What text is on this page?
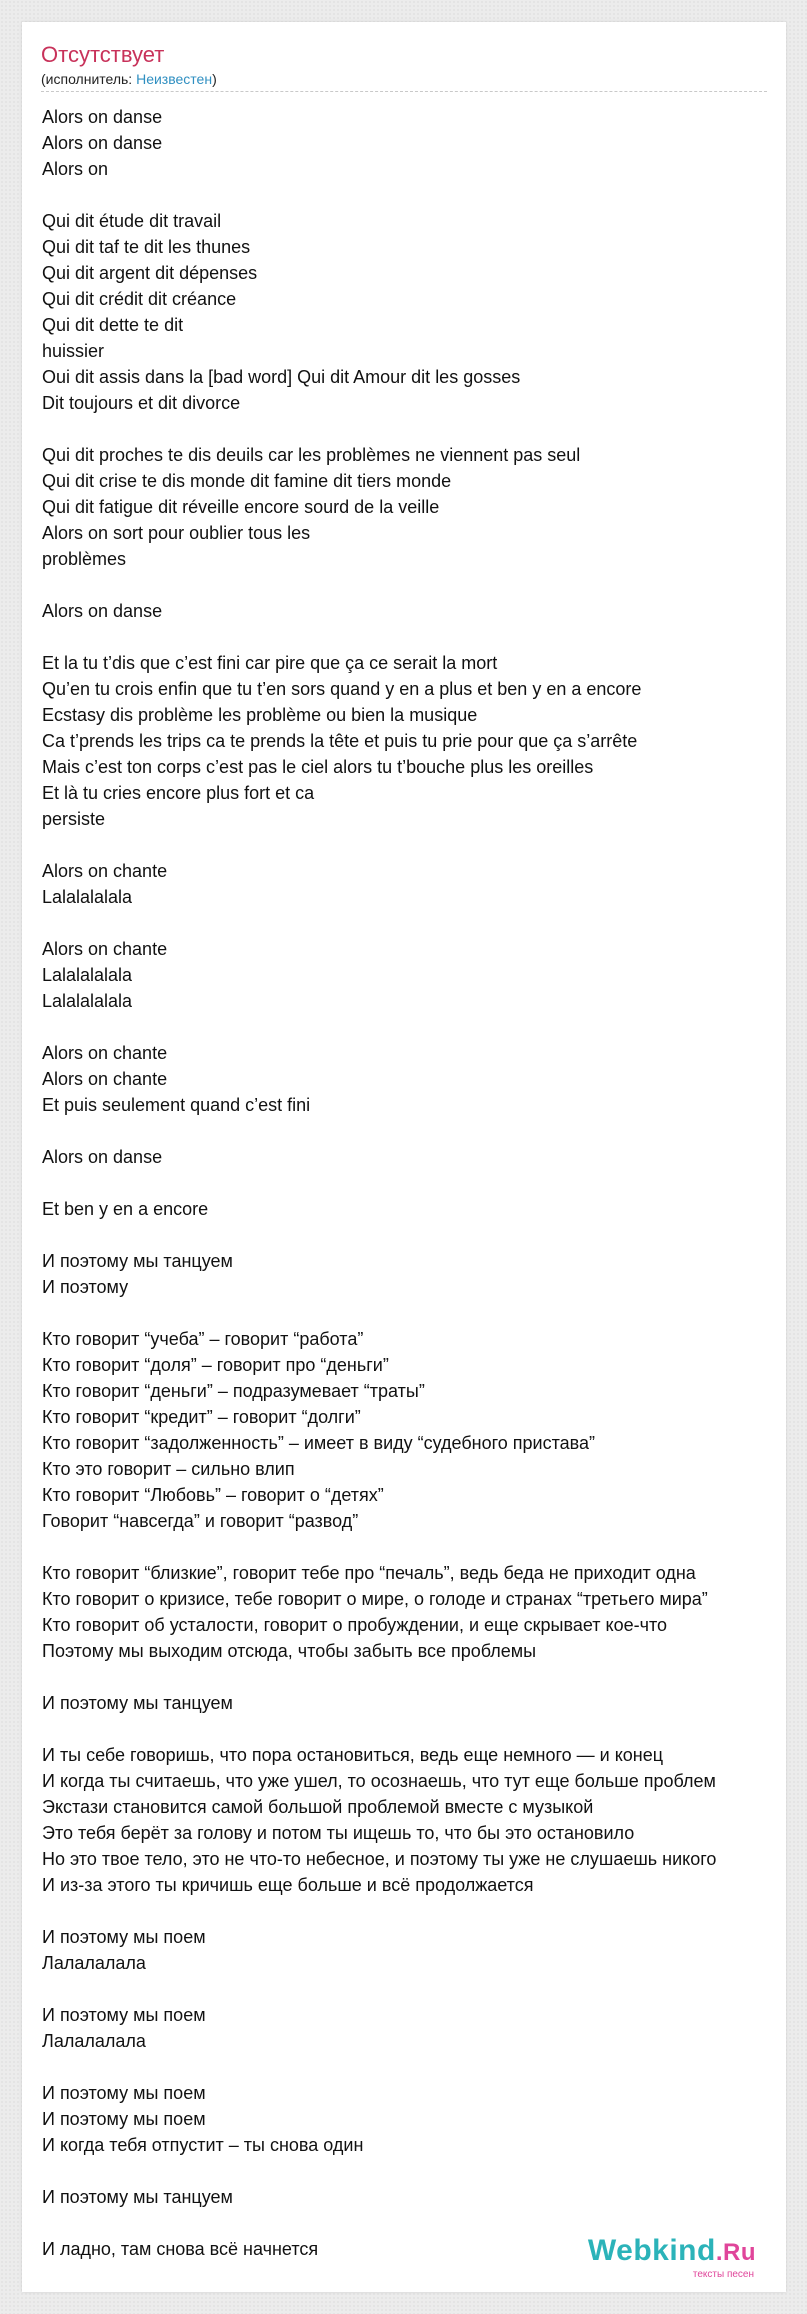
Отсутствует
(исполнитель: Неизвестен)
Alors on danse
Alors on danse
Alors on
Qui dit étude dit travail
Qui dit taf te dit les thunes
Qui dit argent dit dépenses
Qui dit crédit dit créance
Qui dit dette te dit
huissier
Oui dit assis dans la [bad word] Qui dit Amour dit les gosses
Dit toujours et dit divorce
Qui dit proches te dis deuils car les problèmes ne viennent pas seul
Qui dit crise te dis monde dit famine dit tiers monde
Qui dit fatigue dit réveille encore sourd de la veille
Alors on sort pour oublier tous les
problèmes
Alors on danse
Et la tu t’dis que c’est fini car pire que ça ce serait la mort
Qu’en tu crois enfin que tu t’en sors quand y en a plus et ben y en a encore
Ecstasy dis problème les problème ou bien la musique
Ca t’prends les trips ca te prends la tête et puis tu prie pour que ça s’arrête
Mais c’est ton corps c’est pas le ciel alors tu t’bouche plus les oreilles
Et là tu cries encore plus fort et ca
persiste
Alors on chante
Lalalalalala
Alors on chante
Lalalalalala
Lalalalalala
Alors on chante
Alors on chante
Et puis seulement quand c’est fini
Alors on danse
Et ben y en a encore
И поэтому мы танцуем
И поэтому
Кто говорит “учеба” – говорит “работа”
Кто говорит “доля” – говорит про “деньги”
Кто говорит “деньги” – подразумевает “траты”
Кто говорит “кредит” – говорит “долги”
Кто говорит “задолженность” – имеет в виду “судебного пристава”
Кто это говорит – сильно влип
Кто говорит “Любовь” – говорит о “детях”
Говорит “навсегда” и говорит “развод”
Кто говорит “близкие”, говорит тебе про “печаль”, ведь беда не приходит одна
Кто говорит о кризисе, тебе говорит о мире, о голоде и странах “третьего мира”
Кто говорит об усталости, говорит о пробуждении, и еще скрывает кое-что
Поэтому мы выходим отсюда, чтобы забыть все проблемы
И поэтому мы танцуем
И ты себе говоришь, что пора остановиться, ведь еще немного — и конец
И когда ты считаешь, что уже ушел, то осознаешь, что тут еще больше проблем
Экстази становится самой большой проблемой вместе с музыкой
Это тебя берёт за голову и потом ты ищешь то, что бы это остановило
Но это твое тело, это не что-то небесное, и поэтому ты уже не слушаешь никого
И из-за этого ты кричишь еще больше и всё продолжается
И поэтому мы поем
Лалалалала
И поэтому мы поем
Лалалалала
И поэтому мы поем
И поэтому мы поем
И когда тебя отпустит – ты снова один
И поэтому мы танцуем
И ладно, там снова всё начнется	Webkind.Ru
тексты песен
